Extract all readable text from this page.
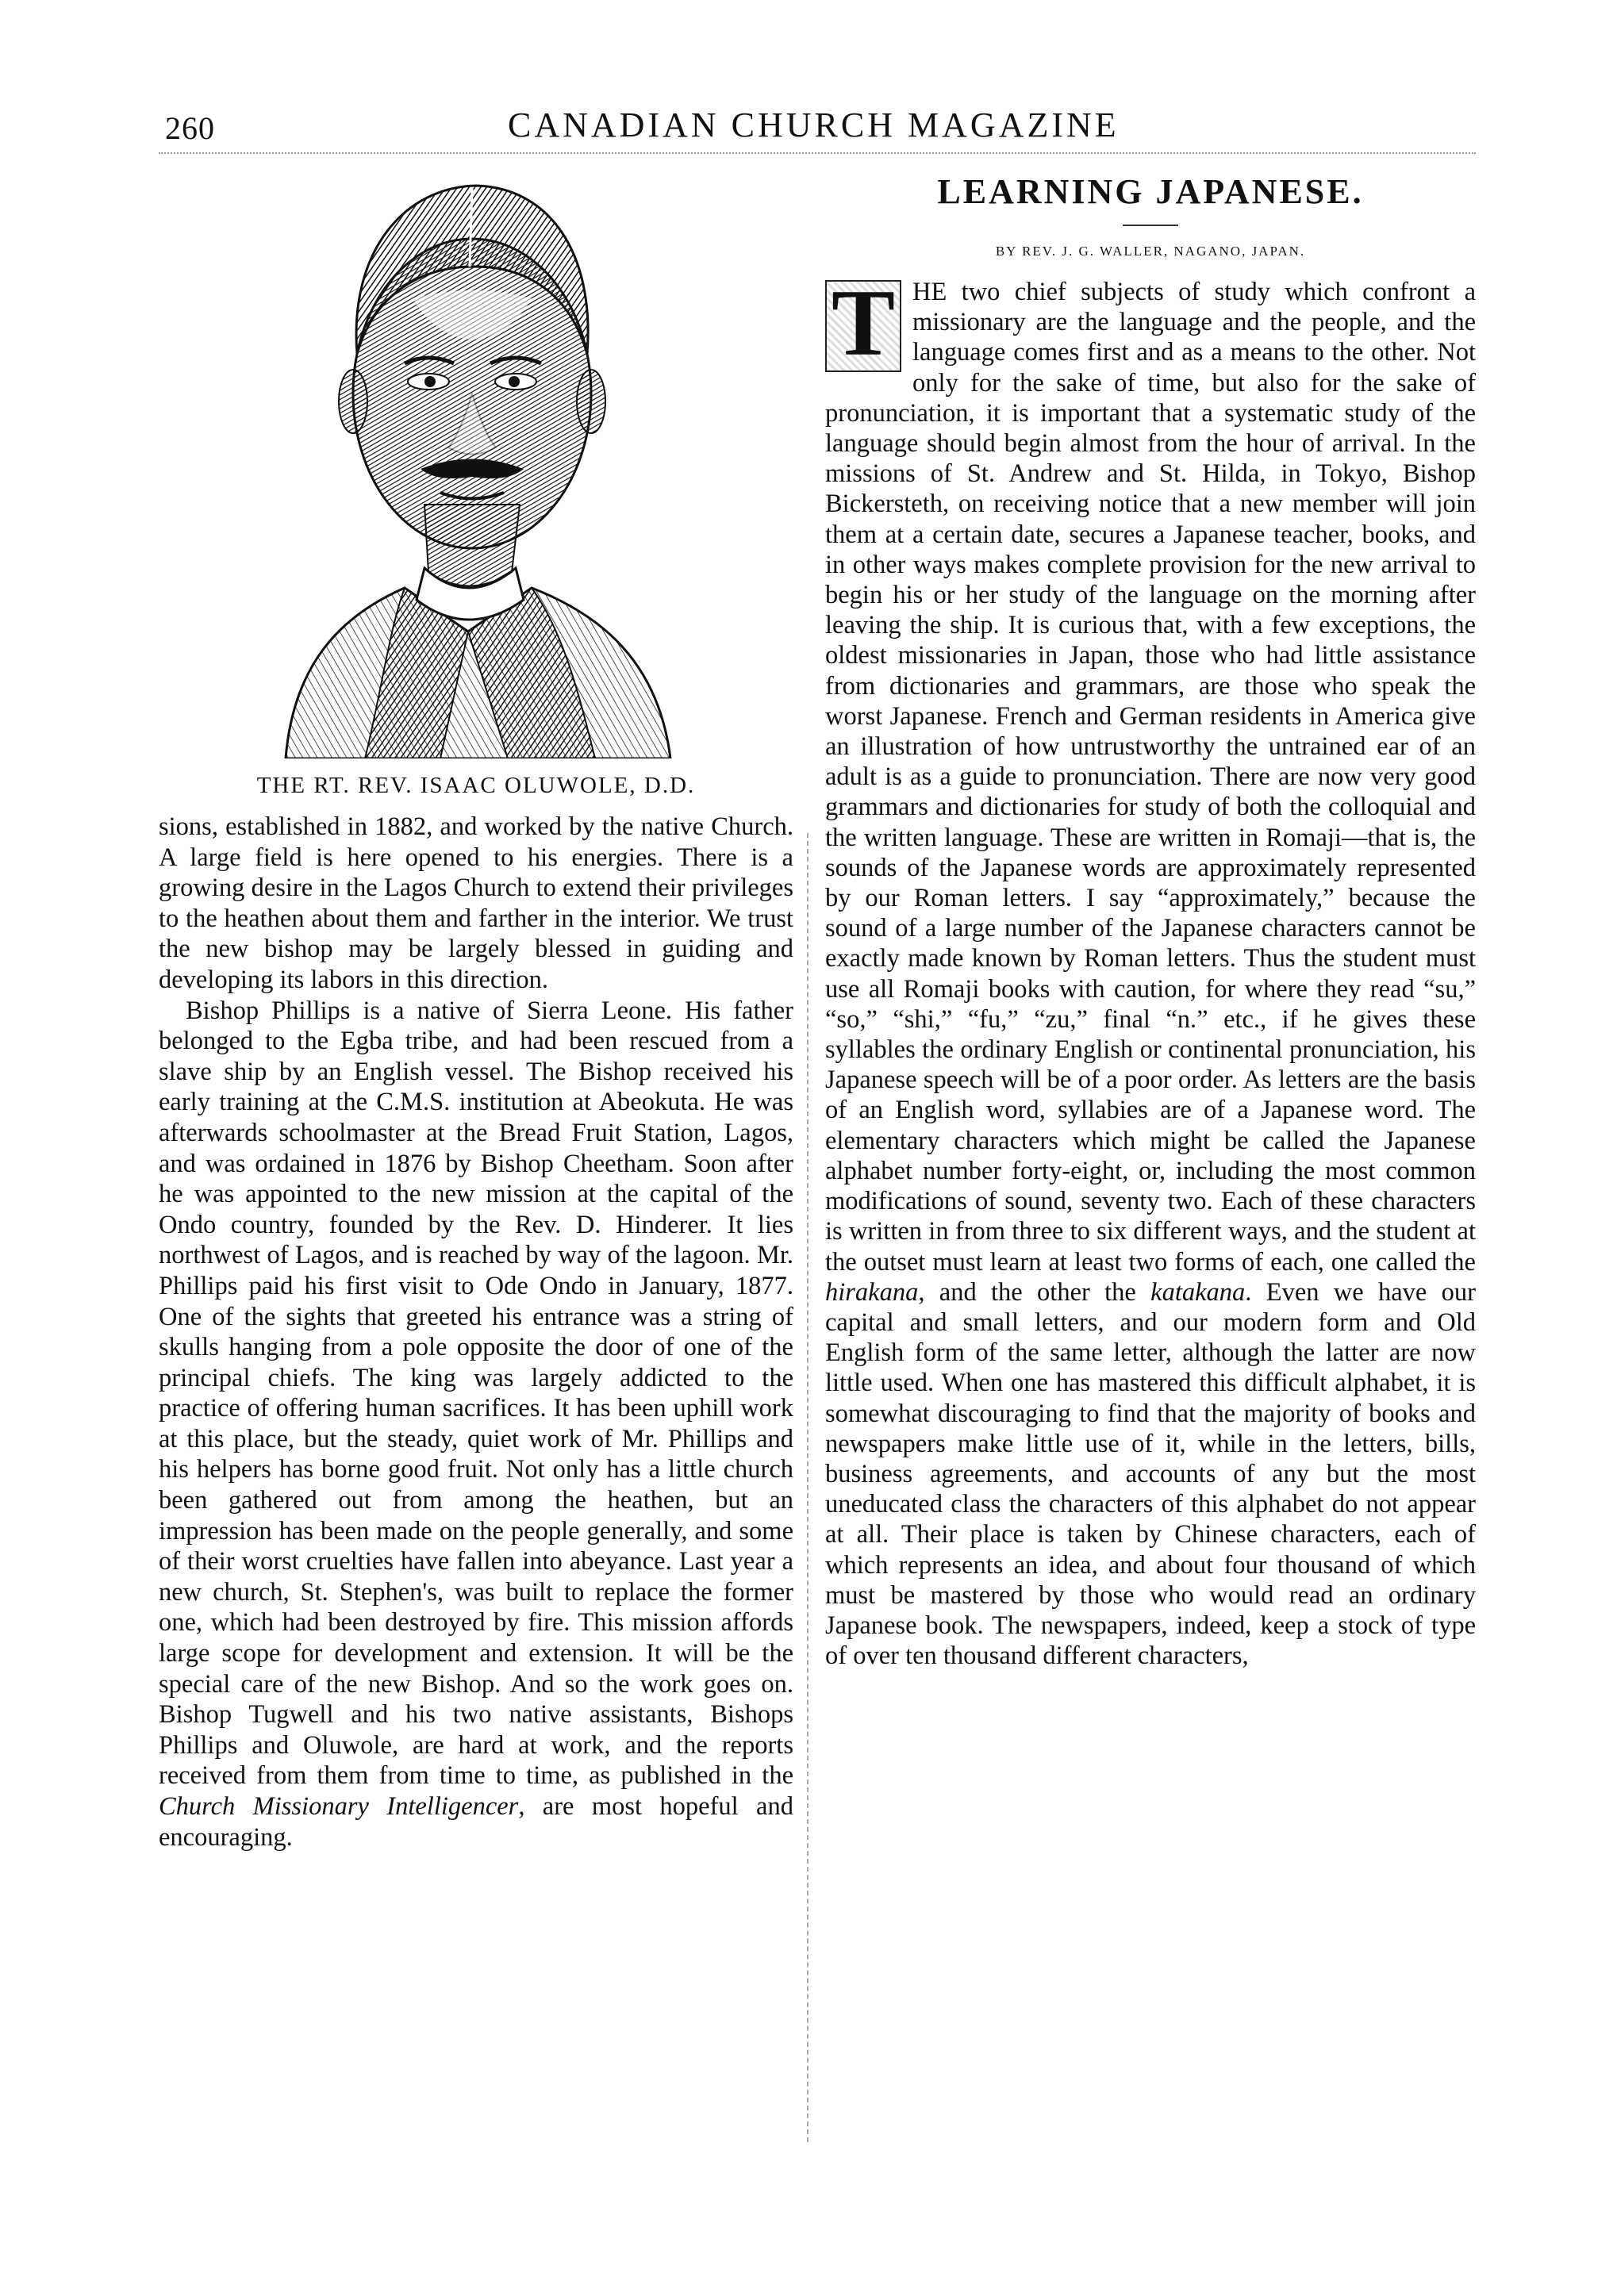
260	CANADIAN CHURCH MAGAZINE
THE RT. REV. ISAAC OLUWOLE, D.D.

sions, established in 1882, and worked by the native Church. A large field is here opened to his energies. There is a growing desire in the Lagos Church to extend their privileges to the heathen about them and farther in the interior. We trust the new bishop may be largely blessed in guiding and developing its labors in this direction.

Bishop Phillips is a native of Sierra Leone. His father belonged to the Egba tribe, and had been rescued from a slave ship by an English vessel. The Bishop received his early training at the C.M.S. institution at Abeokuta. He was afterwards schoolmaster at the Bread Fruit Station, Lagos, and was ordained in 1876 by Bishop Cheetham. Soon after he was appointed to the new mission at the capital of the Ondo country, founded by the Rev. D. Hinderer. It lies northwest of Lagos, and is reached by way of the lagoon. Mr. Phillips paid his first visit to Ode Ondo in January, 1877. One of the sights that greeted his entrance was a string of skulls hanging from a pole opposite the door of one of the principal chiefs. The king was largely addicted to the practice of offering human sacrifices. It has been uphill work at this place, but the steady, quiet work of Mr. Phillips and his helpers has borne good fruit. Not only has a little church been gathered out from among the heathen, but an impression has been made on the people generally, and some of their worst cruelties have fallen into abeyance. Last year a new church, St. Stephen's, was built to replace the former one, which had been destroyed by fire. This mission affords large scope for development and extension. It will be the special care of the new Bishop. And so the work goes on. Bishop Tugwell and his two native assistants, Bishops Phillips and Oluwole, are hard at work, and the reports received from them from time to time, as published in the Church Missionary Intelligencer, are most hopeful and encouraging.

LEARNING JAPANESE.
BY REV. J. G. WALLER, NAGANO, JAPAN.

T HE two chief subjects of study which confront a missionary are the language and the people, and the language comes first and as a means to the other. Not only for the sake of time, but also for the sake of pronunciation, it is important that a systematic study of the language should begin almost from the hour of arrival. In the missions of St. Andrew and St. Hilda, in Tokyo, Bishop Bickersteth, on receiving notice that a new member will join them at a certain date, secures a Japanese teacher, books, and in other ways makes complete provision for the new arrival to begin his or her study of the language on the morning after leaving the ship. It is curious that, with a few exceptions, the oldest missionaries in Japan, those who had little assistance from dictionaries and grammars, are those who speak the worst Japanese. French and German residents in America give an illustration of how untrustworthy the untrained ear of an adult is as a guide to pronunciation. There are now very good grammars and dictionaries for study of both the colloquial and the written language. These are written in Romaji—that is, the sounds of the Japanese words are approximately represented by our Roman letters. I say “approximately,” because the sound of a large number of the Japanese characters cannot be exactly made known by Roman letters. Thus the student must use all Romaji books with caution, for where they read “su,” “so,” “shi,” “fu,” “zu,” final “n.” etc., if he gives these syllables the ordinary English or continental pronunciation, his Japanese speech will be of a poor order. As letters are the basis of an English word, syllabies are of a Japanese word. The elementary characters which might be called the Japanese alphabet number forty-eight, or, including the most common modifications of sound, seventy two. Each of these characters is written in from three to six different ways, and the student at the outset must learn at least two forms of each, one called the hirakana, and the other the katakana. Even we have our capital and small letters, and our modern form and Old English form of the same letter, although the latter are now little used. When one has mastered this difficult alphabet, it is somewhat discouraging to find that the majority of books and newspapers make little use of it, while in the letters, bills, business agreements, and accounts of any but the most uneducated class the characters of this alphabet do not appear at all. Their place is taken by Chinese characters, each of which represents an idea, and about four thousand of which must be mastered by those who would read an ordinary Japanese book. The newspapers, indeed, keep a stock of type of over ten thousand different characters,
